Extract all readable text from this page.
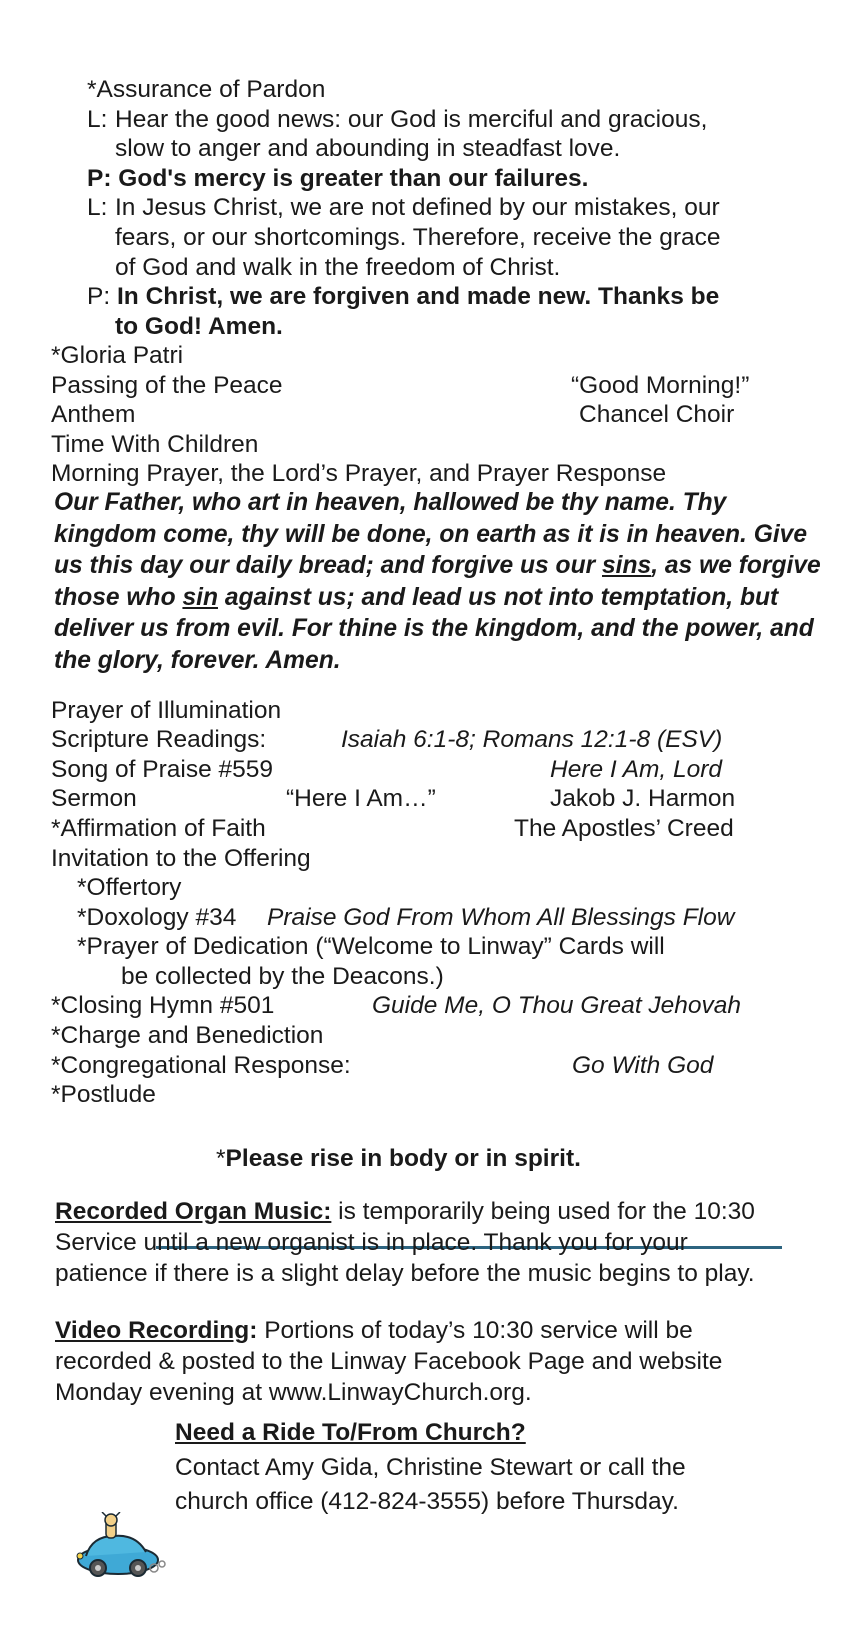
*Assurance of Pardon
L: Hear the good news: our God is merciful and gracious,
slow to anger and abounding in steadfast love.
P: God's mercy is greater than our failures.
L: In Jesus Christ, we are not defined by our mistakes, our
fears, or our shortcomings. Therefore, receive the grace
of God and walk in the freedom of Christ.
P: In Christ, we are forgiven and made new. Thanks be
to God! Amen.
*Gloria Patri
Passing of the Peace	“Good Morning!”
Anthem	Chancel Choir
Time With Children
Morning Prayer, the Lord’s Prayer, and Prayer Response
Our Father, who art in heaven, hallowed be thy name. Thy kingdom come, thy will be done, on earth as it is in heaven. Give us this day our daily bread; and forgive us our sins, as we forgive those who sin against us; and lead us not into temptation, but deliver us from evil. For thine is the kingdom, and the power, and the glory, forever. Amen.
Prayer of Illumination
Scripture Readings:	Isaiah 6:1-8; Romans 12:1-8 (ESV)
Song of Praise #559	Here I Am, Lord
Sermon	“Here I Am…”	Jakob J. Harmon
*Affirmation of Faith	The Apostles’ Creed
Invitation to the Offering
*Offertory
*Doxology #34 Praise God From Whom All Blessings Flow
*Prayer of Dedication (“Welcome to Linway” Cards will
be collected by the Deacons.)
*Closing Hymn #501	Guide Me, O Thou Great Jehovah
*Charge and Benediction
*Congregational Response:	Go With God
*Postlude
*Please rise in body or in spirit.
Recorded Organ Music: is temporarily being used for the 10:30 Service until a new organist is in place. Thank you for your patience if there is a slight delay before the music begins to play.
Video Recording: Portions of today’s 10:30 service will be recorded & posted to the Linway Facebook Page and website Monday evening at www.LinwayChurch.org.
Need a Ride To/From Church?
Contact Amy Gida, Christine Stewart or call the
church office (412-824-3555) before Thursday.
